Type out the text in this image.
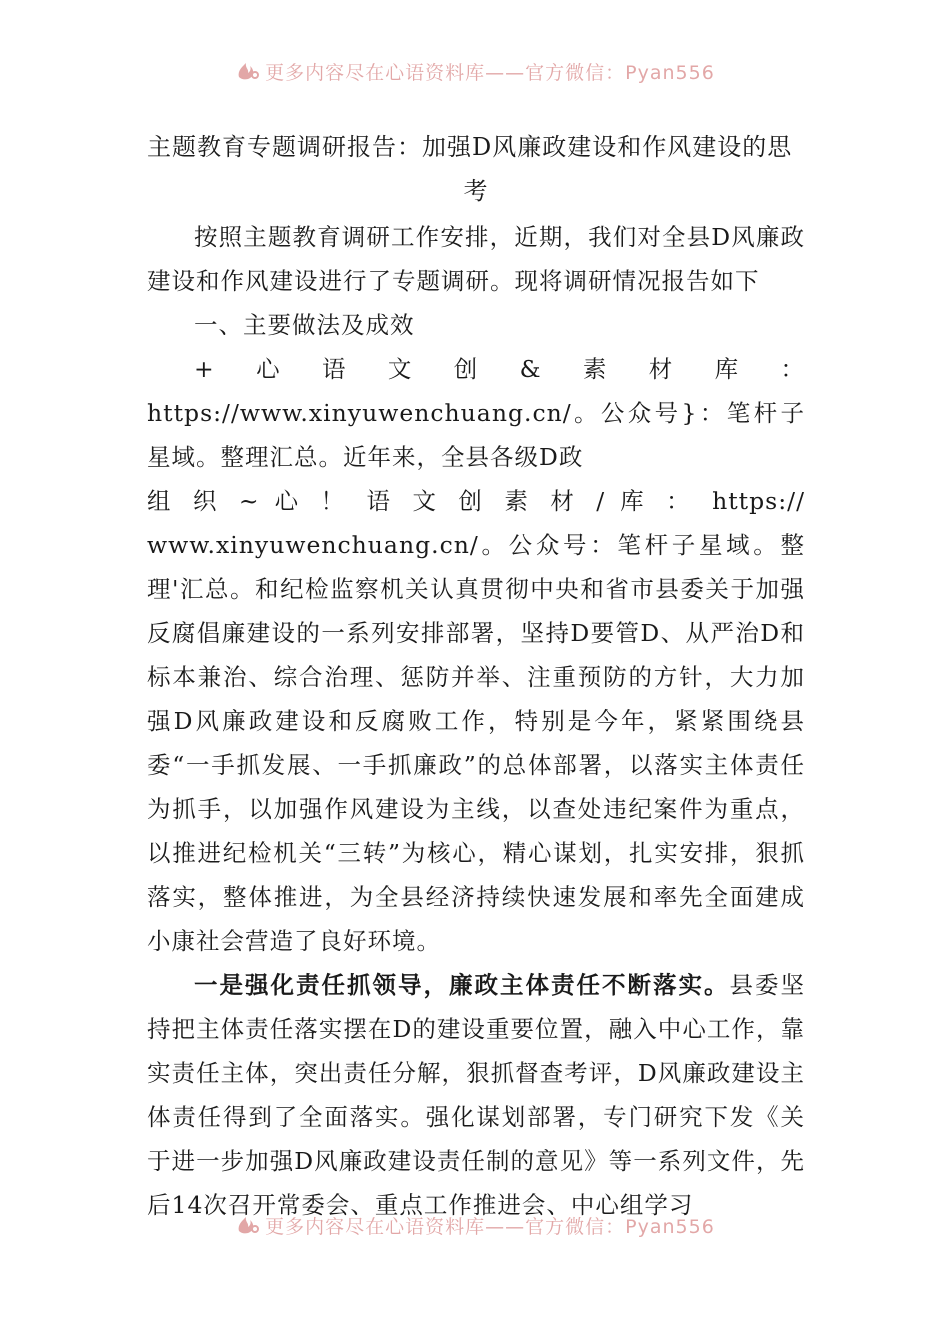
更多内容尽在心语资料库——官方微信：Pyan556
主题教育专题调研报告：加强D风廉政建设和作风建设的思
考

按照主题教育调研工作安排，近期，我们对全县D风廉政建设和作风建设进行了专题调研。现将调研情况报告如下

一、主要做法及成效

+心语文创&素材库：https://www.xinyuwenchuang.cn/。公众号}：笔杆子星域。整理汇总。近年来，全县各级D政

组 织 ~ 心 ！ 语 文 创 素 材 / 库 ： https://

www.xinyuwenchuang.cn/。公众号：笔杆子星域。整理'汇总。和纪检监察机关认真贯彻中央和省市县委关于加强反腐倡廉建设的一系列安排部署，坚持D要管D、从严治D和标本兼治、综合治理、惩防并举、注重预防的方针，大力加强D风廉政建设和反腐败工作，特别是今年，紧紧围绕县委“一手抓发展、一手抓廉政”的总体部署，以落实主体责任为抓手，以加强作风建设为主线，以查处违纪案件为重点，以推进纪检机关“三转”为核心，精心谋划，扎实安排，狠抓落实，整体推进，为全县经济持续快速发展和率先全面建成小康社会营造了良好环境。

一是强化责任抓领导，廉政主体责任不断落实。县委坚持把主体责任落实摆在D的建设重要位置，融入中心工作，靠实责任主体，突出责任分解，狠抓督查考评，D风廉政建设主体责任得到了全面落实。强化谋划部署，专门研究下发《关于进一步加强D风廉政建设责任制的意见》等一系列文件，先后14次召开常委会、重点工作推进会、中心组学习

更多内容尽在心语资料库——官方微信：Pyan556
